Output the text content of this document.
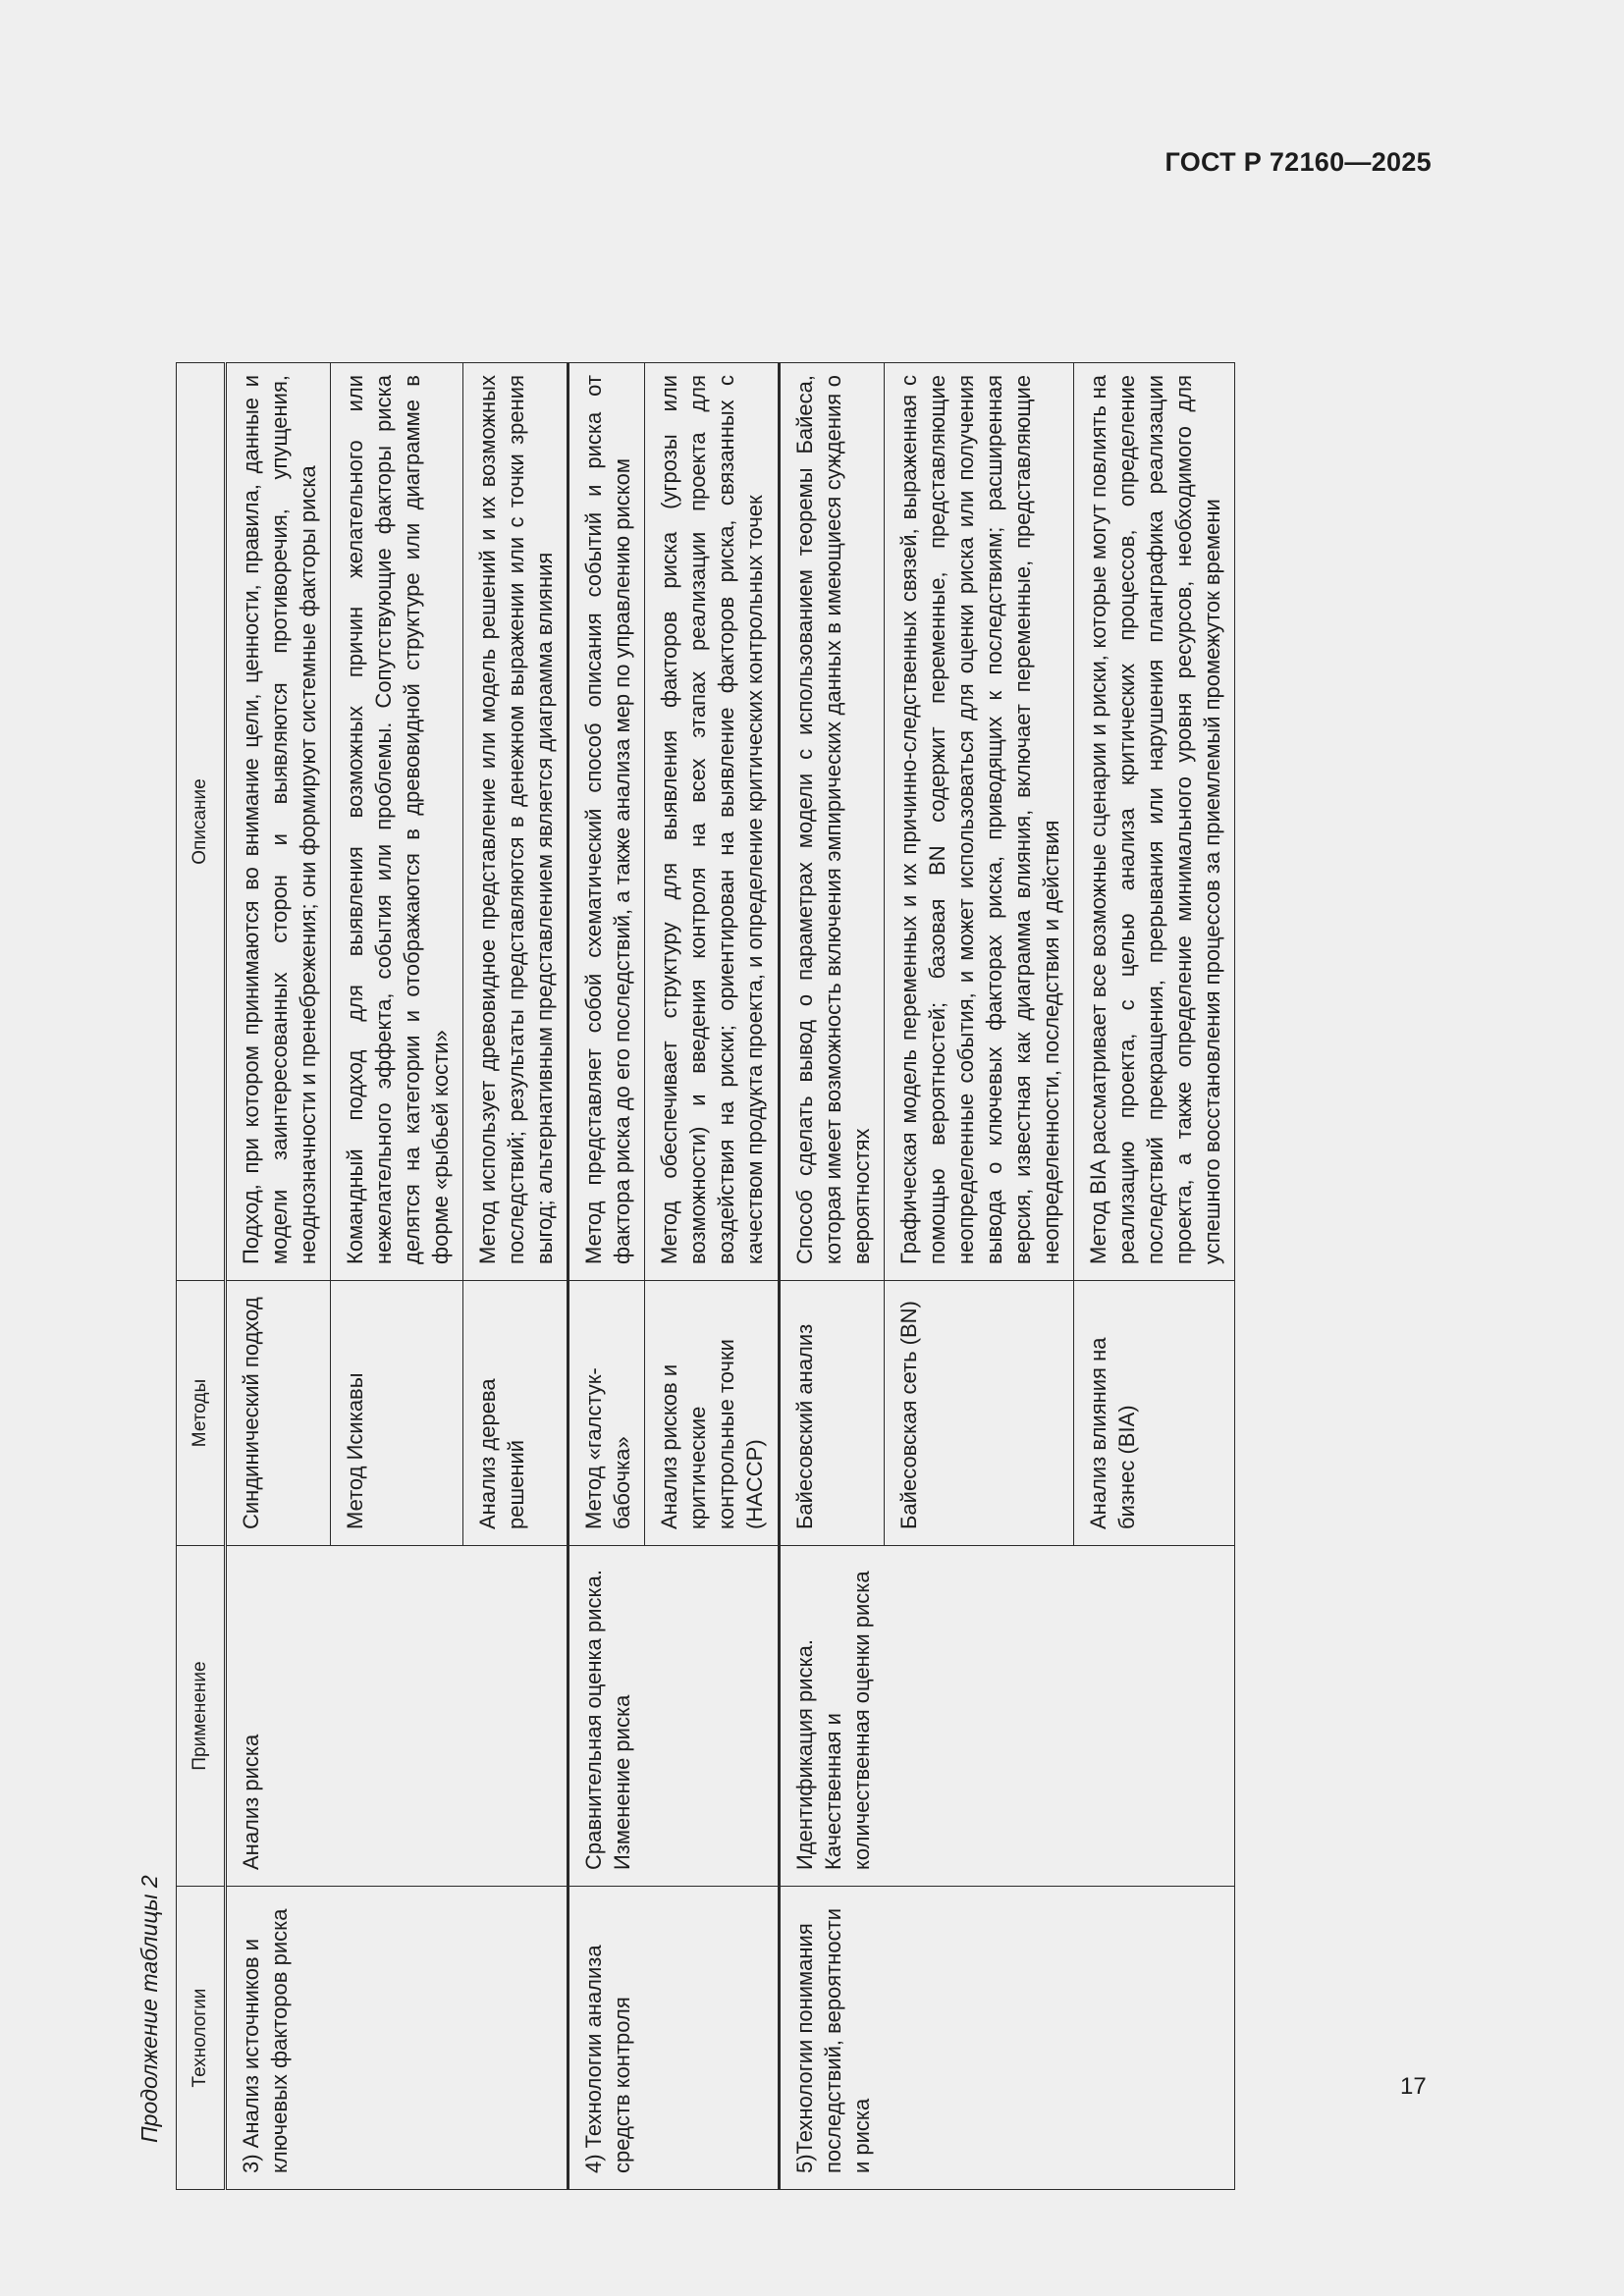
ГОСТ Р 72160—2025
Продолжение таблицы 2 Технологии	Применение	Методы	Описание
3) Анализ источников и ключевых факторов риска	Анализ риска	Синдинический подход	Подход, при котором принимаются во внимание цели, ценности, правила, данные и модели заинтересованных сторон и выявляются противоречия, упущения, неоднозначности и пренебрежения; они формируют системные факторы риска
		Метод Исикавы	Командный подход для выявления возможных причин желательного или нежелательного эффекта, события или проблемы. Сопутствующие факторы риска делятся на категории и отображаются в древовидной структуре или диаграмме в форме «рыбьей кости»
		Анализ дерева решений	Метод использует древовидное представление или модель решений и их возможных последствий; результаты представляются в денежном выражении или с точки зрения выгод; альтернативным представлением является диаграмма влияния
4) Технологии анализа средств контроля	Сравнительная оценка риска. Изменение риска	Метод «галстук-бабочка»	Метод представляет собой схематический способ описания событий и риска от фактора риска до его последствий, а также анализа мер по управлению риском
		Анализ рисков и критические контрольные точки (HACCP)	Метод обеспечивает структуру для выявления факторов риска (угрозы или возможности) и введения контроля на всех этапах реализации проекта для воздействия на риски; ориентирован на выявление факторов риска, связанных с качеством продукта проекта, и определение критических контрольных точек
5)Технологии понимания последствий, вероятности и риска	Идентификация риска. Качественная и количественная оценки риска	Байесовский анализ	Способ сделать вывод о параметрах модели с использованием теоремы Байеса, которая имеет возможность включения эмпирических данных в имеющиеся суждения о вероятностях
		Байесовская сеть (BN)	Графическая модель переменных и их причинно-следственных связей, выраженная с помощью вероятностей; базовая BN содержит переменные, представляющие неопределенные события, и может использоваться для оценки риска или получения вывода о ключевых факторах риска, приводящих к последствиям; расширенная версия, известная как диаграмма влияния, включает переменные, представляющие неопределенности, последствия и действия
		Анализ влияния на бизнес (BIA)	Метод BIA рассматривает все возможные сценарии и риски, которые могут повлиять на реализацию проекта, с целью анализа критических процессов, определение последствий прекращения, прерывания или нарушения планграфика реализации проекта, а также определение минимального уровня ресурсов, необходимого для успешного восстановления процессов за приемлемый промежуток времени
17
